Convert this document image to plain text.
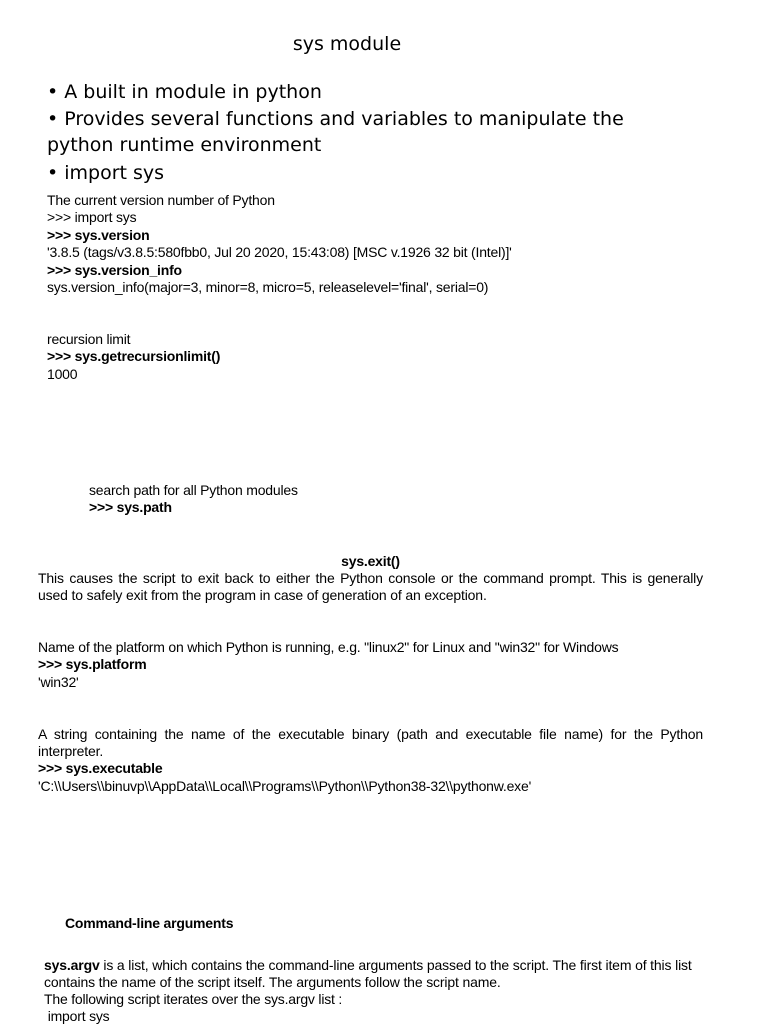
sys module
• A built in module in python
• Provides several functions and variables to manipulate the python runtime environment
• import sys
The current version number of Python
>>> import sys
>>> sys.version
'3.8.5 (tags/v3.8.5:580fbb0, Jul 20 2020, 15:43:08) [MSC v.1926 32 bit (Intel)]'
>>> sys.version_info
sys.version_info(major=3, minor=8, micro=5, releaselevel='final', serial=0)
recursion limit
>>> sys.getrecursionlimit()
1000
search path for all Python modules
>>> sys.path
sys.exit()
This causes the script to exit back to either the Python console or the command prompt. This is generally used to safely exit from the program in case of generation of an exception.
Name of the platform on which Python is running, e.g. "linux2" for Linux and "win32" for Windows
>>> sys.platform
'win32'
A string containing the name of the executable binary (path and executable file name) for the Python interpreter.
>>> sys.executable
'C:\\Users\\binuvp\\AppData\\Local\\Programs\\Python\\Python38-32\\pythonw.exe'
Command-line arguments
sys.argv is a list, which contains the command-line arguments passed to the script. The first item of this list contains the name of the script itself. The arguments follow the script name.
The following script iterates over the sys.argv list :
import sys
